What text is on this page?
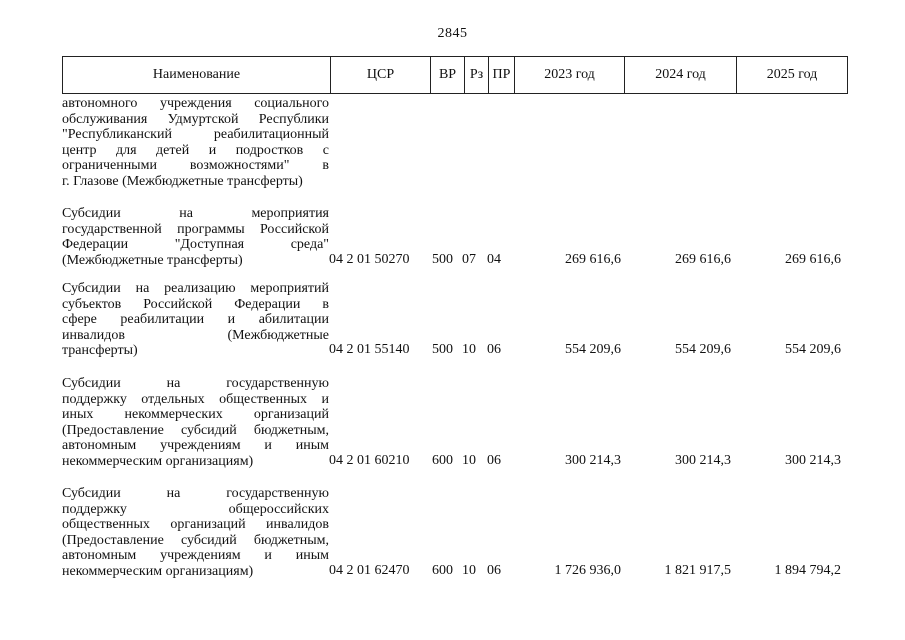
2845
Наименование	ЦСР	ВР Рз ПР	2023 год	2024 год	2025 год
автономного учреждения социального
обслуживания Удмуртской Республики
"Республиканский реабилитационный
центр для детей и подростков с
ограниченными возможностями" в
г. Глазове (Межбюджетные трансферты)
Субсидии на мероприятия
государственной программы Российской
Федерации "Доступная среда"
(Межбюджетные трансферты)	04 2 01 50270	500 07 04	269 616,6	269 616,6	269 616,6
Субсидии на реализацию мероприятий
субъектов Российской Федерации в
сфере реабилитации и абилитации
инвалидов (Межбюджетные
трансферты)	04 2 01 55140	500 10 06	554 209,6	554 209,6	554 209,6
Субсидии на государственную
поддержку отдельных общественных и
иных некоммерческих организаций
(Предоставление субсидий бюджетным,
автономным учреждениям и иным
некоммерческим организациям)	04 2 01 60210	600 10 06	300 214,3	300 214,3	300 214,3
Субсидии на государственную
поддержку общероссийских
общественных организаций инвалидов
(Предоставление субсидий бюджетным,
автономным учреждениям и иным
некоммерческим организациям)	04 2 01 62470	600 10 06	1 726 936,0	1 821 917,5	1 894 794,2
